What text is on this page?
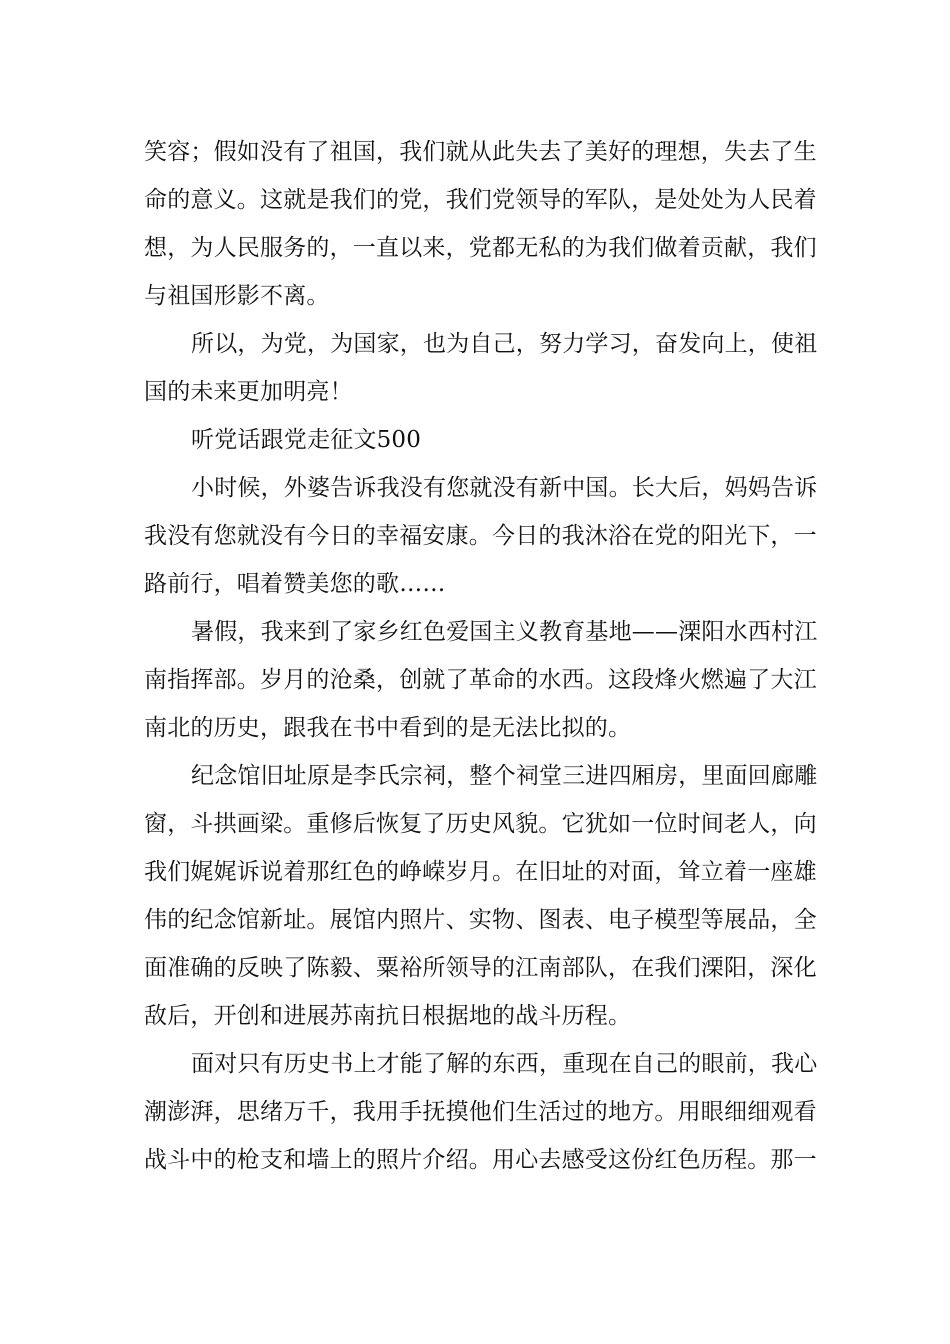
笑容；假如没有了祖国，我们就从此失去了美好的理想，失去了生
命的意义。这就是我们的党，我们党领导的军队，是处处为人民着
想，为人民服务的，一直以来，党都无私的为我们做着贡献，我们
与祖国形影不离。
所以，为党，为国家，也为自己，努力学习，奋发向上，使祖
国的未来更加明亮！
听党话跟党走征文500
小时候，外婆告诉我没有您就没有新中国。长大后，妈妈告诉
我没有您就没有今日的幸福安康。今日的我沐浴在党的阳光下，一
路前行，唱着赞美您的歌……
暑假，我来到了家乡红色爱国主义教育基地——溧阳水西村江
南指挥部。岁月的沧桑，创就了革命的水西。这段烽火燃遍了大江
南北的历史，跟我在书中看到的是无法比拟的。
纪念馆旧址原是李氏宗祠，整个祠堂三进四厢房，里面回廊雕
窗，斗拱画梁。重修后恢复了历史风貌。它犹如一位时间老人，向
我们娓娓诉说着那红色的峥嵘岁月。在旧址的对面，耸立着一座雄
伟的纪念馆新址。展馆内照片、实物、图表、电子模型等展品，全
面准确的反映了陈毅、粟裕所领导的江南部队，在我们溧阳，深化
敌后，开创和进展苏南抗日根据地的战斗历程。
面对只有历史书上才能了解的东西，重现在自己的眼前，我心
潮澎湃，思绪万千，我用手抚摸他们生活过的地方。用眼细细观看
战斗中的枪支和墙上的照片介绍。用心去感受这份红色历程。那一
